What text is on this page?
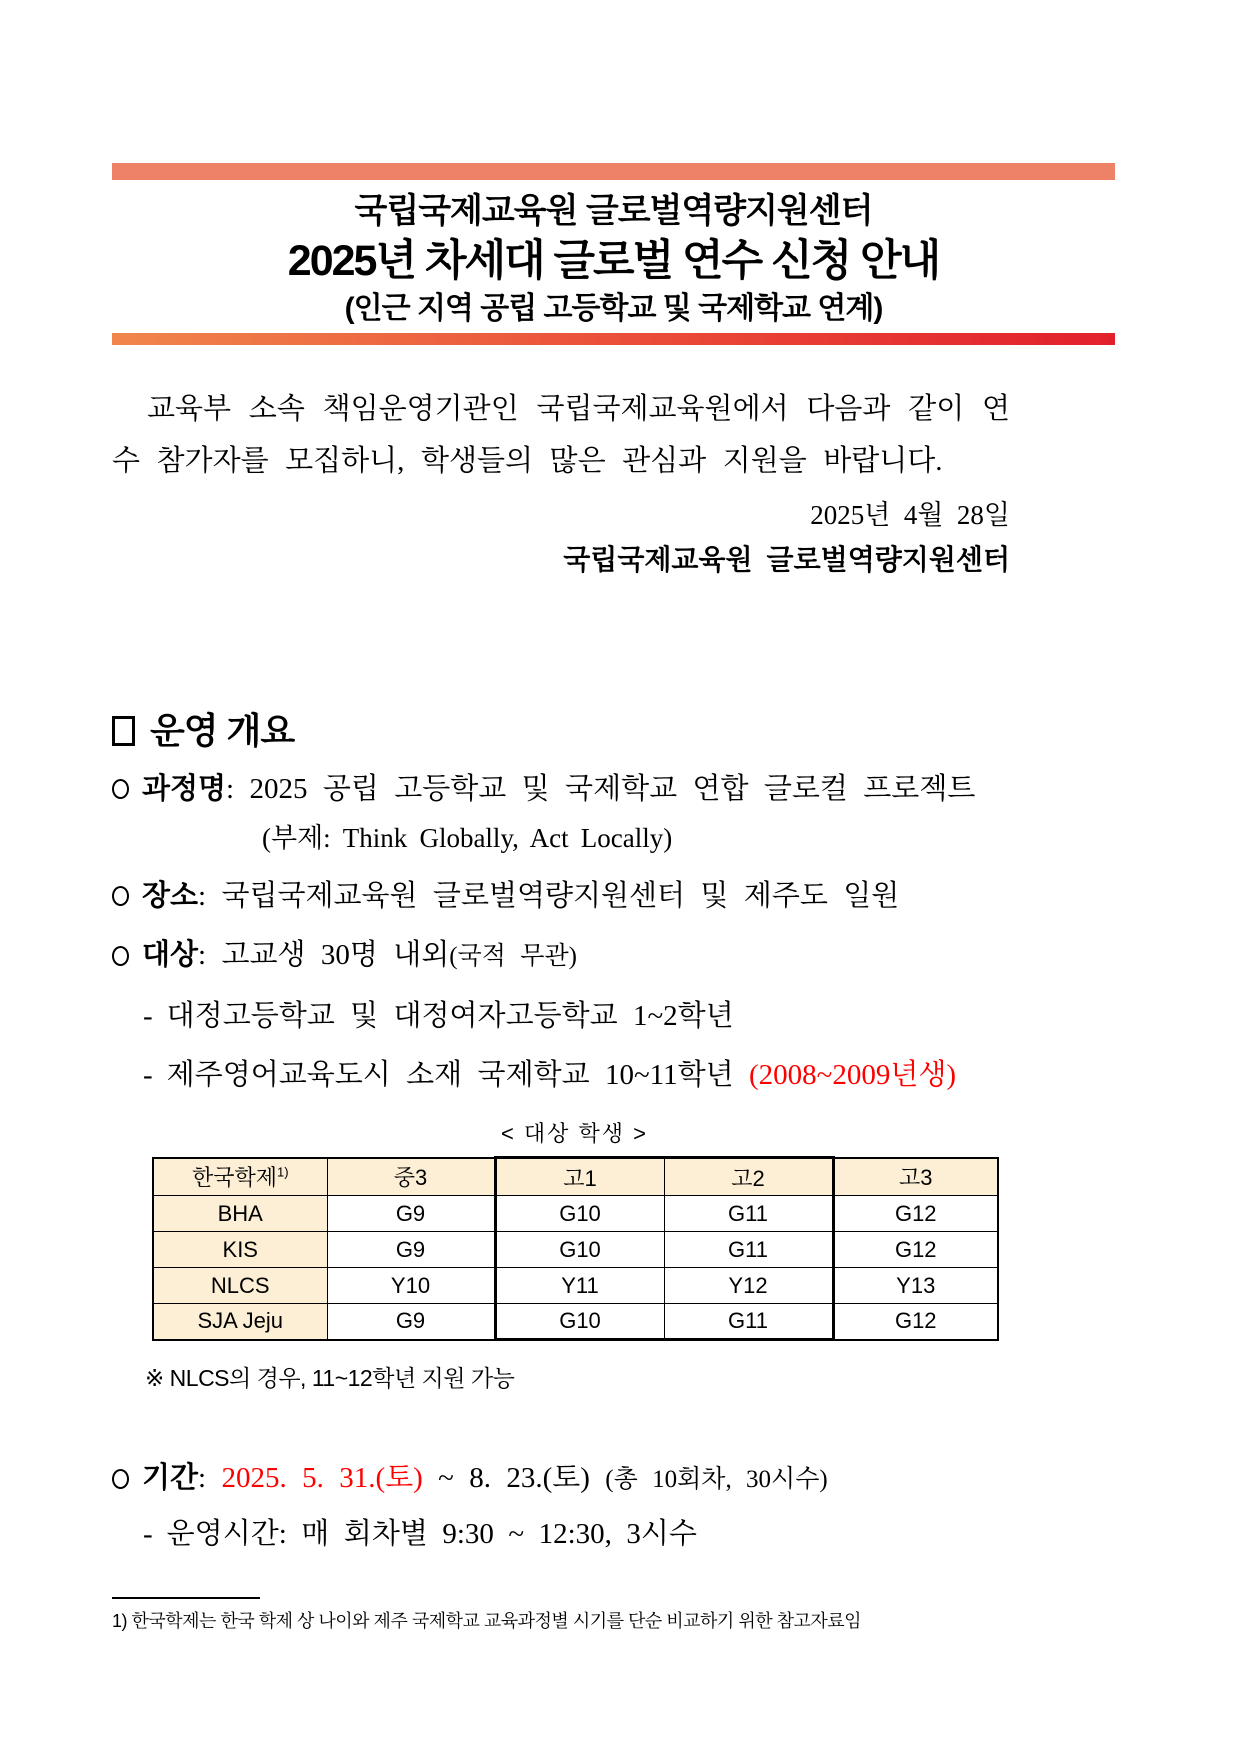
국립국제교육원 글로벌역량지원센터
2025년 차세대 글로벌 연수 신청 안내
(인근 지역 공립 고등학교 및 국제학교 연계)

교육부 소속 책임운영기관인 국립국제교육원에서 다음과 같이 연수 참가자를 모집하니, 학생들의 많은 관심과 지원을 바랍니다.

2025년 4월 28일
국립국제교육원 글로벌역량지원센터
운영 개요
과정명: 2025 공립 고등학교 및 국제학교 연합 글로컬 프로젝트
(부제: Think Globally, Act Locally)
장소: 국립국제교육원 글로벌역량지원센터 및 제주도 일원
대상: 고교생 30명 내외(국적 무관)
- 대정고등학교 및 대정여자고등학교 1~2학년
- 제주영어교육도시 소재 국제학교 10~11학년 (2008~2009년생)
< 대상 학생 >
한국학제$^{1)}$	중3	고1	고2	고3
BHA	G9	G10	G11	G12
KIS	G9	G10	G11	G12
NLCS	Y10	Y11	Y12	Y13
SJA Jeju	G9	G10	G11	G12
※ NLCS의 경우, 11~12학년 지원 가능
기간: 2025. 5. 31.(토) ~ 8. 23.(토) (총 10회차, 30시수)
- 운영시간: 매 회차별 9:30 ~ 12:30, 3시수
1) 한국학제는 한국 학제 상 나이와 제주 국제학교 교육과정별 시기를 단순 비교하기 위한 참고자료임
